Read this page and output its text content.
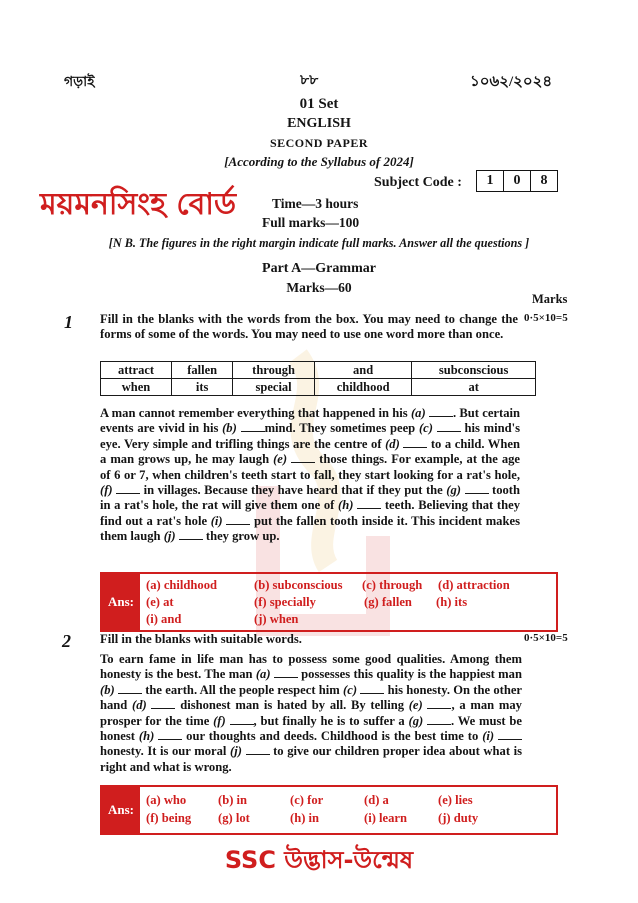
গড়াই	৮৮	১০৬২/২০২৪
01 Set
ENGLISH
SECOND PAPER
[According to the Syllabus of 2024]
Subject Code :	1	0	8
ময়মনসিংহ বোর্ড	Time—3 hours
Full marks—100
[N B. The figures in the right margin indicate full marks. Answer all the questions ]
Part A—Grammar
Marks—60
Marks
1 Fill in the blanks with the words from the box. You may need to change the forms of some of the words. You may need to use one word more than once.
0·5×10=5
attract	fallen	through	and	subconscious
when	its	special	childhood	at
A man cannot remember everything that happened in his (a) . But certain events are vivid in his (b) mind. They sometimes peep (c)	his mind's eye. Very simple and trifling things are the centre of (d) to a child. When a man grows up, he may laugh (e)	those things. For example, at the age of 6 or 7, when children's teeth start to fall, they start looking for a rat's hole, (f) in villages. Because they have heard that if they put the (g) tooth in a rat's hole, the rat will give them one of (h) teeth. Believing that they find out a rat's hole (i) put the fallen tooth inside it. This incident makes them laugh (j) they grow up.
Ans:
(a) childhood	(b) subconscious (c) through (d) attraction
(e) at	(f) specially	(g) fallen (h) its
(i) and	(j) when
2 Fill in the blanks with suitable words.	0·5×10=5
To earn fame in life man has to possess some good qualities. Among them honesty is the best. The man (a) possesses this quality is the happiest man (b) the earth. All the people respect him (c) his honesty. On the other hand (d)	dishonest man is hated by all. By telling (e) , a man may prosper for the time (f) , but finally he is to suffer a (g) . We must be honest (h)	our thoughts and deeds. Childhood is the best time to (i)  honesty. It is our moral (j) to give our children proper idea about what is right and what is wrong.
Ans:
(a) who	(b) in	(c) for	(d) a	(e) lies
(f) being (g) lot	(h) in	(i) learn (j) duty
SSC উদ্ভাস-উন্মেষ
